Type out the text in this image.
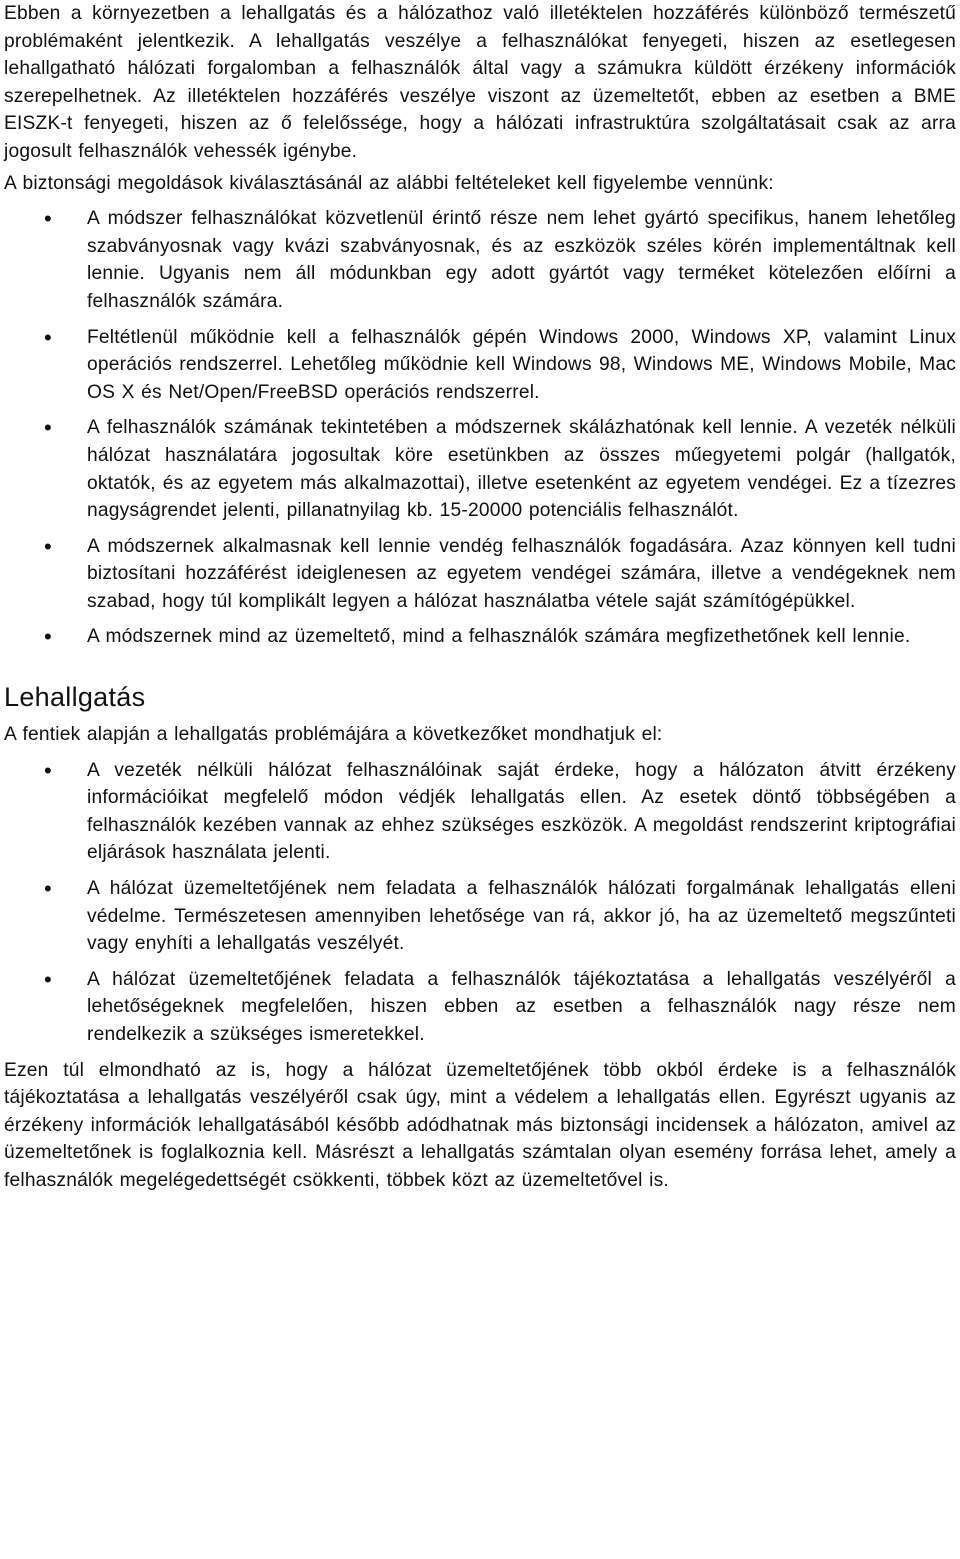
Ebben a környezetben a lehallgatás és a hálózathoz való illetéktelen hozzáférés különböző természetű problémaként jelentkezik. A lehallgatás veszélye a felhasználókat fenyegeti, hiszen az esetlegesen lehallgatható hálózati forgalomban a felhasználók által vagy a számukra küldött érzékeny információk szerepelhetnek. Az illetéktelen hozzáférés veszélye viszont az üzemeltetőt, ebben az esetben a BME EISZK-t fenyegeti, hiszen az ő felelőssége, hogy a hálózati infrastruktúra szolgáltatásait csak az arra jogosult felhasználók vehessék igénybe.

A biztonsági megoldások kiválasztásánál az alábbi feltételeket kell figyelembe vennünk:

• A módszer felhasználókat közvetlenül érintő része nem lehet gyártó specifikus, hanem lehetőleg szabványosnak vagy kvázi szabványosnak, és az eszközök széles körén implementáltnak kell lennie. Ugyanis nem áll módunkban egy adott gyártót vagy terméket kötelezően előírni a felhasználók számára.
• Feltétlenül működnie kell a felhasználók gépén Windows 2000, Windows XP, valamint Linux operációs rendszerrel. Lehetőleg működnie kell Windows 98, Windows ME, Windows Mobile, Mac OS X és Net/Open/FreeBSD operációs rendszerrel.
• A felhasználók számának tekintetében a módszernek skálázhatónak kell lennie. A vezeték nélküli hálózat használatára jogosultak köre esetünkben az összes műegyetemi polgár (hallgatók, oktatók, és az egyetem más alkalmazottai), illetve esetenként az egyetem vendégei. Ez a tízezres nagyságrendet jelenti, pillanatnyilag kb. 15-20000 potenciális felhasználót.
• A módszernek alkalmasnak kell lennie vendég felhasználók fogadására. Azaz könnyen kell tudni biztosítani hozzáférést ideiglenesen az egyetem vendégei számára, illetve a vendégeknek nem szabad, hogy túl komplikált legyen a hálózat használatba vétele saját számítógépükkel.
• A módszernek mind az üzemeltető, mind a felhasználók számára megfizethetőnek kell lennie.
Lehallgatás

A fentiek alapján a lehallgatás problémájára a következőket mondhatjuk el:

• A vezeték nélküli hálózat felhasználóinak saját érdeke, hogy a hálózaton átvitt érzékeny információikat megfelelő módon védjék lehallgatás ellen. Az esetek döntő többségében a felhasználók kezében vannak az ehhez szükséges eszközök. A megoldást rendszerint kriptográfiai eljárások használata jelenti.
• A hálózat üzemeltetőjének nem feladata a felhasználók hálózati forgalmának lehallgatás elleni védelme. Természetesen amennyiben lehetősége van rá, akkor jó, ha az üzemeltető megszűnteti vagy enyhíti a lehallgatás veszélyét.
• A hálózat üzemeltetőjének feladata a felhasználók tájékoztatása a lehallgatás veszélyéről a lehetőségeknek megfelelően, hiszen ebben az esetben a felhasználók nagy része nem rendelkezik a szükséges ismeretekkel.

Ezen túl elmondható az is, hogy a hálózat üzemeltetőjének több okból érdeke is a felhasználók tájékoztatása a lehallgatás veszélyéről csak úgy, mint a védelem a lehallgatás ellen. Egyrészt ugyanis az érzékeny információk lehallgatásából később adódhatnak más biztonsági incidensek a hálózaton, amivel az üzemeltetőnek is foglalkoznia kell. Másrészt a lehallgatás számtalan olyan esemény forrása lehet, amely a felhasználók megelégedettségét csökkenti, többek közt az üzemeltetővel is.
